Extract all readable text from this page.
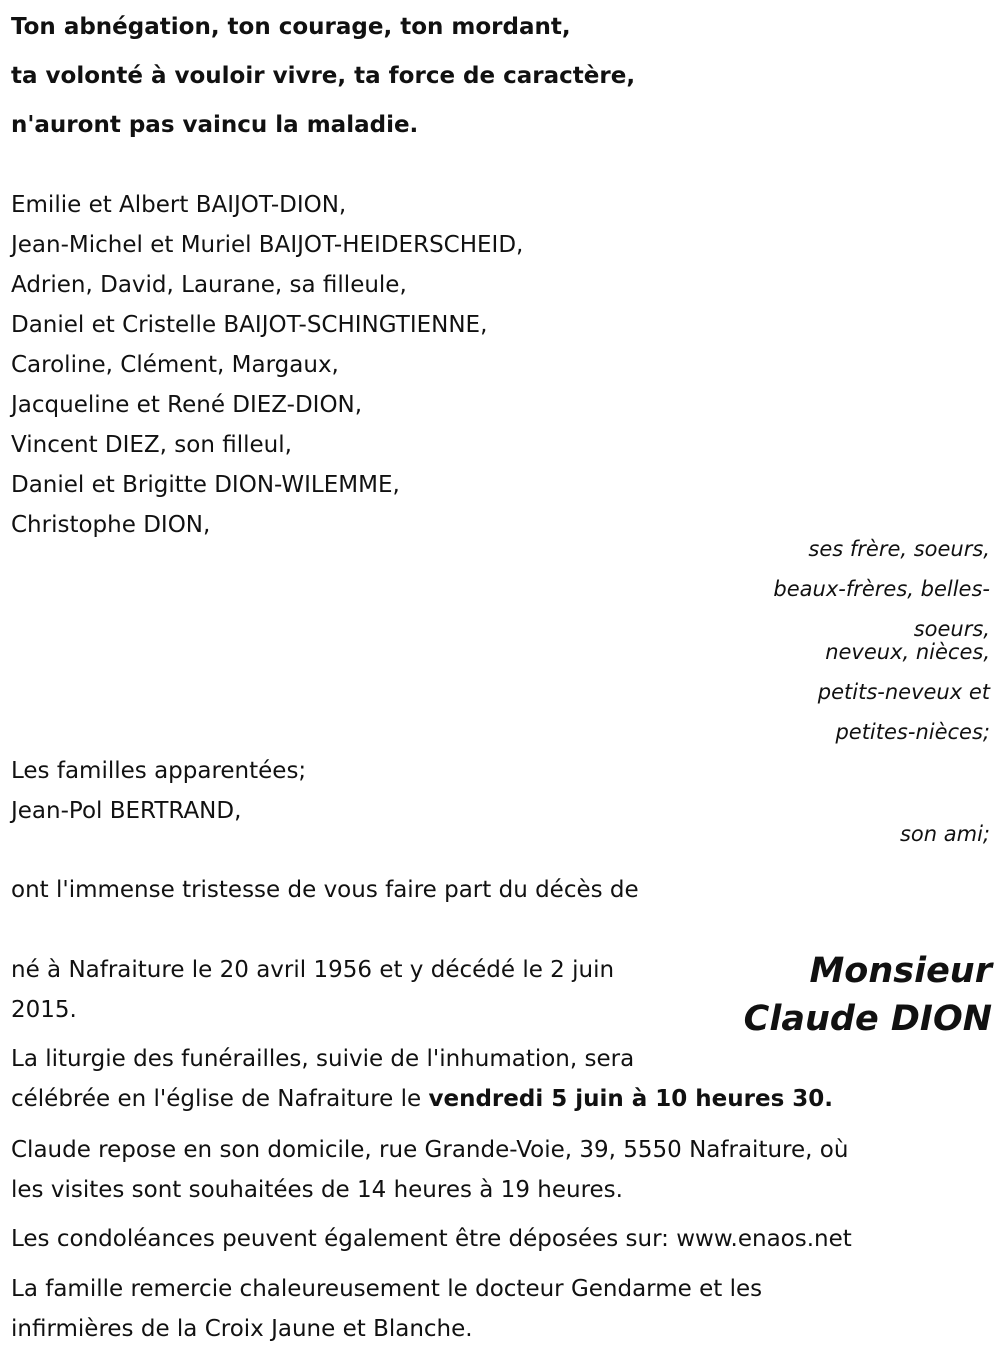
Ton abnégation, ton courage, ton mordant,
ta volonté à vouloir vivre, ta force de caractère,
n'auront pas vaincu la maladie.
Emilie et Albert BAIJOT-DION,
Jean-Michel et Muriel BAIJOT-HEIDERSCHEID,
Adrien, David, Laurane, sa filleule,
Daniel et Cristelle BAIJOT-SCHINGTIENNE,
Caroline, Clément, Margaux,
Jacqueline et René DIEZ-DION,
Vincent DIEZ, son filleul,
Daniel et Brigitte DION-WILEMME,
Christophe DION,
ses frère, soeurs,
beaux-frères, belles-
soeurs,
neveux, nièces,
petits-neveux et
petites-nièces;
Les familles apparentées;
Jean-Pol BERTRAND,
son ami;
ont l'immense tristesse de vous faire part du décès de
Monsieur
Claude DION
né à Nafraiture le 20 avril 1956 et y décédé le 2 juin
2015.
La liturgie des funérailles, suivie de l'inhumation, sera
célébrée en l'église de Nafraiture le vendredi 5 juin à 10 heures 30.
Claude repose en son domicile, rue Grande-Voie, 39, 5550 Nafraiture, où
les visites sont souhaitées de 14 heures à 19 heures.
Les condoléances peuvent également être déposées sur: www.enaos.net
La famille remercie chaleureusement le docteur Gendarme et les
infirmières de la Croix Jaune et Blanche.
